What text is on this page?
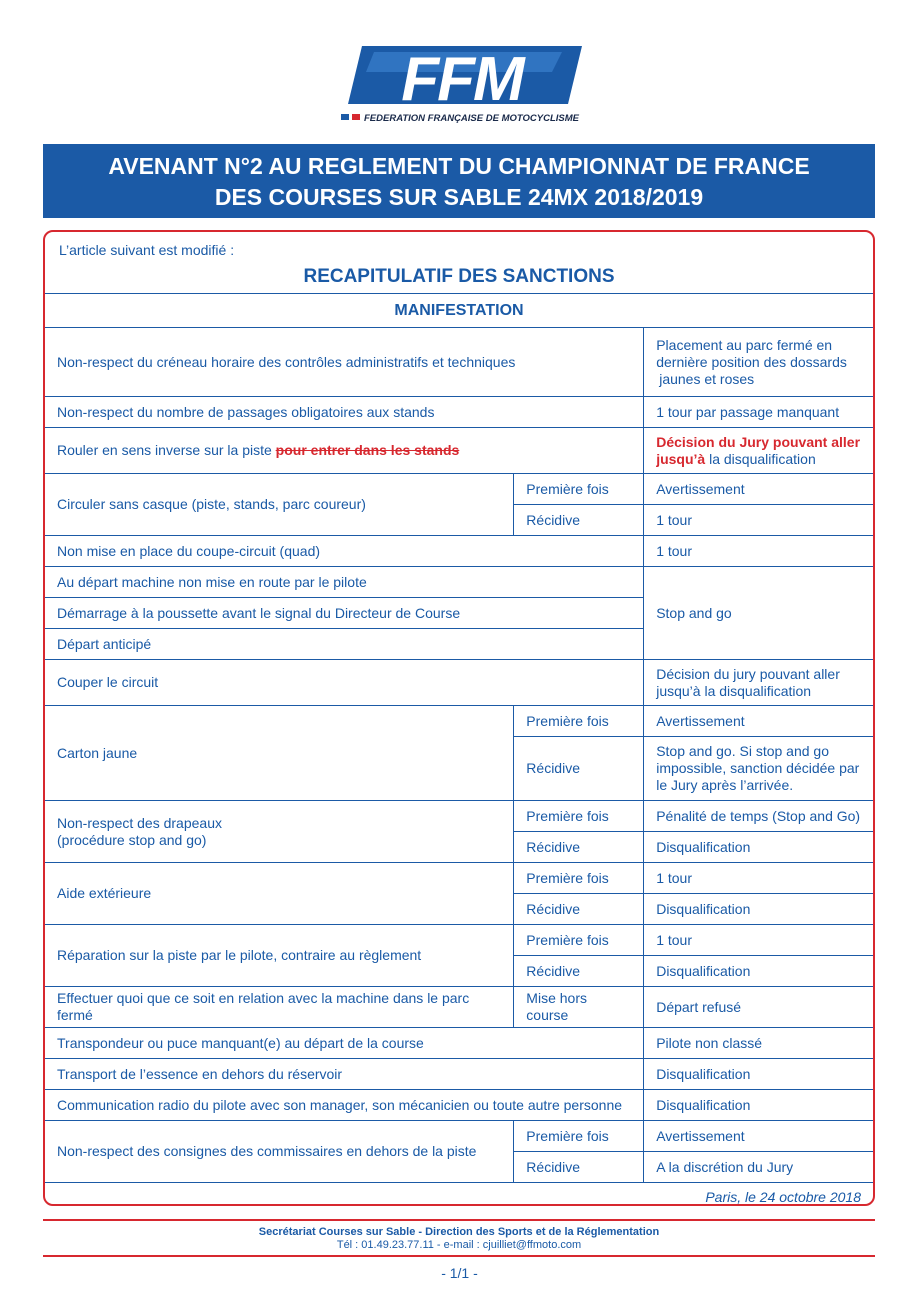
FFM
FEDERATION FRANÇAISE DE MOTOCYCLISME
AVENANT N°2 AU REGLEMENT DU CHAMPIONNAT DE FRANCE
DES COURSES SUR SABLE 24MX 2018/2019
L’article suivant est modifié :
RECAPITULATIF DES SANCTIONS
MANIFESTATION		
Non-respect du créneau horaire des contrôles administratifs et techniques		Placement au parc fermé en
dernière position des dossards
jaunes et roses

Non-respect du nombre de passages obligatoires aux stands		1 tour par passage manquant
Rouler en sens inverse sur la piste pour entrer dans les stands		Décision du Jury pouvant aller
jusqu’à la disqualification

Circuler sans casque (piste, stands, parc coureur)	Première fois	Avertissement
	Récidive	1 tour
Non mise en place du coupe-circuit (quad)		1 tour
Au départ machine non mise en route par le pilote		Stop and go
Démarrage à la poussette avant le signal du Directeur de Course		
Départ anticipé		
Couper le circuit		Décision du jury pouvant aller
jusqu’à la disqualification

Carton jaune	Première fois	Avertissement
	Récidive	Stop and go. Si stop and go
impossible, sanction décidée par
le Jury après l’arrivée.

Non-respect des drapeaux
(procédure stop and go)	Première fois	Pénalité de temps (Stop and Go)
	Récidive	Disqualification
Aide extérieure	Première fois	1 tour
	Récidive	Disqualification
Réparation sur la piste par le pilote, contraire au règlement	Première fois	1 tour
	Récidive	Disqualification
Effectuer quoi que ce soit en relation avec la machine dans le parc fermé	Mise hors course	Départ refusé
Transpondeur ou puce manquant(e) au départ de la course		Pilote non classé
Transport de l’essence en dehors du réservoir		Disqualification
Communication radio du pilote avec son manager, son mécanicien ou toute autre personne		Disqualification
Non-respect des consignes des commissaires en dehors de la piste	Première fois	Avertissement
	Récidive	A la discrétion du Jury
Paris, le 24 octobre 2018		
Secrétariat Courses sur Sable - Direction des Sports et de la Réglementation
Tél : 01.49.23.77.11 - e-mail : cjuilliet@ffmoto.com
- 1/1 -
